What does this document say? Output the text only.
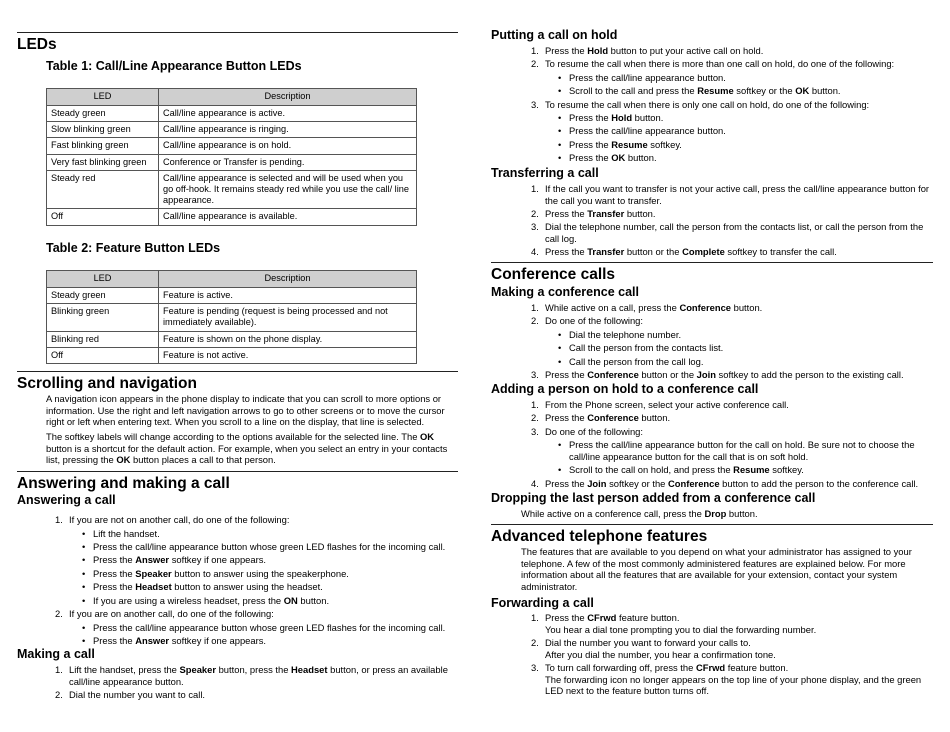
LEDs
Table 1: Call/Line Appearance Button LEDs
LED	Description
Steady green	Call/line appearance is active.
Slow blinking green	Call/line appearance is ringing.
Fast blinking green	Call/line appearance is on hold.
Very fast blinking green	Conference or Transfer is pending.
Steady red	Call/line appearance is selected and will be used when you go off-hook. It remains steady red while you use the call/ line appearance.
Off	Call/line appearance is available.
Table 2: Feature Button LEDs
LED	Description
Steady green	Feature is active.
Blinking green	Feature is pending (request is being processed and not immediately available).
Blinking red	Feature is shown on the phone display.
Off	Feature is not active.
Scrolling and navigation
A navigation icon appears in the phone display to indicate that you can scroll to more options or information. Use the right and left navigation arrows to go to other screens or to move the cursor right or left when entering text. When you scroll to a line on the display, that line is selected.
The softkey labels will change according to the options available for the selected line. The OK button is a shortcut for the default action. For example, when you select an entry in your contacts list, pressing the OK button places a call to that person.
Answering and making a call
Answering a call
1. If you are not on another call, do one of the following:
• Lift the handset.
• Press the call/line appearance button whose green LED flashes for the incoming call.
• Press the Answer softkey if one appears.
• Press the Speaker button to answer using the speakerphone.
• Press the Headset button to answer using the headset.
• If you are using a wireless headset, press the ON button.
2. If you are on another call, do one of the following:
• Press the call/line appearance button whose green LED flashes for the incoming call.
• Press the Answer softkey if one appears.
Making a call
1. Lift the handset, press the Speaker button, press the Headset button, or press an available call/line appearance button.
2. Dial the number you want to call.
Putting a call on hold
1. Press the Hold button to put your active call on hold.
2. To resume the call when there is more than one call on hold, do one of the following:
• Press the call/line appearance button.
• Scroll to the call and press the Resume softkey or the OK button.
3. To resume the call when there is only one call on hold, do one of the following:
• Press the Hold button.
• Press the call/line appearance button.
• Press the Resume softkey.
• Press the OK button.
Transferring a call
1. If the call you want to transfer is not your active call, press the call/line appearance button for the call you want to transfer.
2. Press the Transfer button.
3. Dial the telephone number, call the person from the contacts list, or call the person from the call log.
4. Press the Transfer button or the Complete softkey to transfer the call.
Conference calls
Making a conference call
1. While active on a call, press the Conference button.
2. Do one of the following:
• Dial the telephone number.
• Call the person from the contacts list.
• Call the person from the call log.
3. Press the Conference button or the Join softkey to add the person to the existing call.
Adding a person on hold to a conference call
1. From the Phone screen, select your active conference call.
2. Press the Conference button.
3. Do one of the following:
• Press the call/line appearance button for the call on hold. Be sure not to choose the call/line appearance button for the call that is on soft hold.
• Scroll to the call on hold, and press the Resume softkey.
4. Press the Join softkey or the Conference button to add the person to the conference call.
Dropping the last person added from a conference call
While active on a conference call, press the Drop button.
Advanced telephone features
The features that are available to you depend on what your administrator has assigned to your telephone. A few of the most commonly administered features are explained below. For more information about all the features that are available for your extension, contact your system administrator.
Forwarding a call
1. Press the CFrwd feature button.
You hear a dial tone prompting you to dial the forwarding number.
2. Dial the number you want to forward your calls to.
After you dial the number, you hear a confirmation tone.
3. To turn call forwarding off, press the CFrwd feature button.
The forwarding icon no longer appears on the top line of your phone display, and the green LED next to the feature button turns off.
